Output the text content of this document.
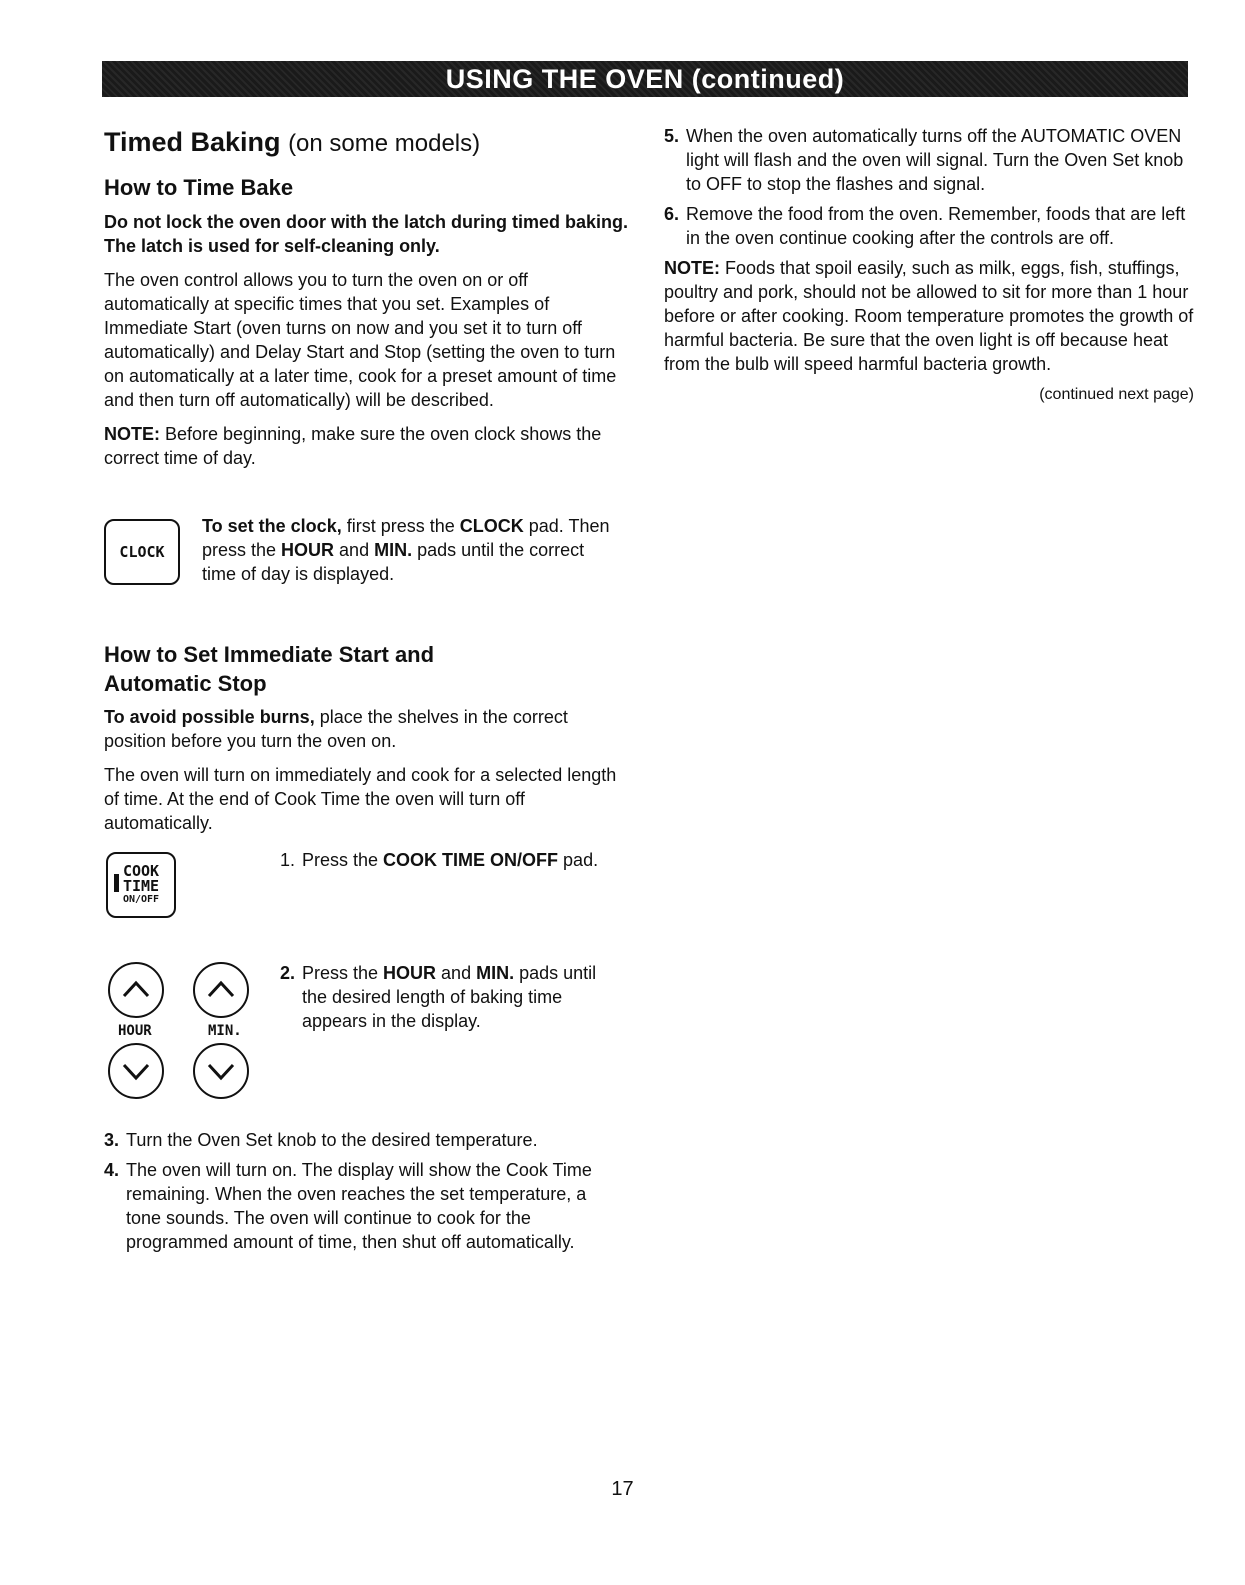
USING THE OVEN (continued)

Timed Baking (on some models)

How to Time Bake

Do not lock the oven door with the latch during timed baking. The latch is used for self-cleaning only.

The oven control allows you to turn the oven on or off automatically at specific times that you set. Examples of Immediate Start (oven turns on now and you set it to turn off automatically) and Delay Start and Stop (setting the oven to turn on automatically at a later time, cook for a preset amount of time and then turn off automatically) will be described.

NOTE: Before beginning, make sure the oven clock shows the correct time of day.

CLOCK
To set the clock, first press the CLOCK pad. Then press the HOUR and MIN. pads until the correct time of day is displayed.

How to Set Immediate Start and
Automatic Stop

To avoid possible burns, place the shelves in the correct position before you turn the oven on.

The oven will turn on immediately and cook for a selected length of time. At the end of Cook Time the oven will turn off automatically.

COOK
TIME
ON/OFF
1. Press the COOK TIME ON/OFF pad.
HOUR	MIN.
2. Press the HOUR and MIN. pads until the desired length of baking time appears in the display.
3. Turn the Oven Set knob to the desired temperature.
4. The oven will turn on. The display will show the Cook Time remaining. When the oven reaches the set temperature, a tone sounds. The oven will continue to cook for the programmed amount of time, then shut off automatically.
5. When the oven automatically turns off the AUTOMATIC OVEN light will flash and the oven will signal. Turn the Oven Set knob to OFF to stop the flashes and signal.
6. Remove the food from the oven. Remember, foods that are left in the oven continue cooking after the controls are off.

NOTE: Foods that spoil easily, such as milk, eggs, fish, stuffings, poultry and pork, should not be allowed to sit for more than 1 hour before or after cooking. Room temperature promotes the growth of harmful bacteria. Be sure that the oven light is off because heat from the bulb will speed harmful bacteria growth.

(continued next page)
17
